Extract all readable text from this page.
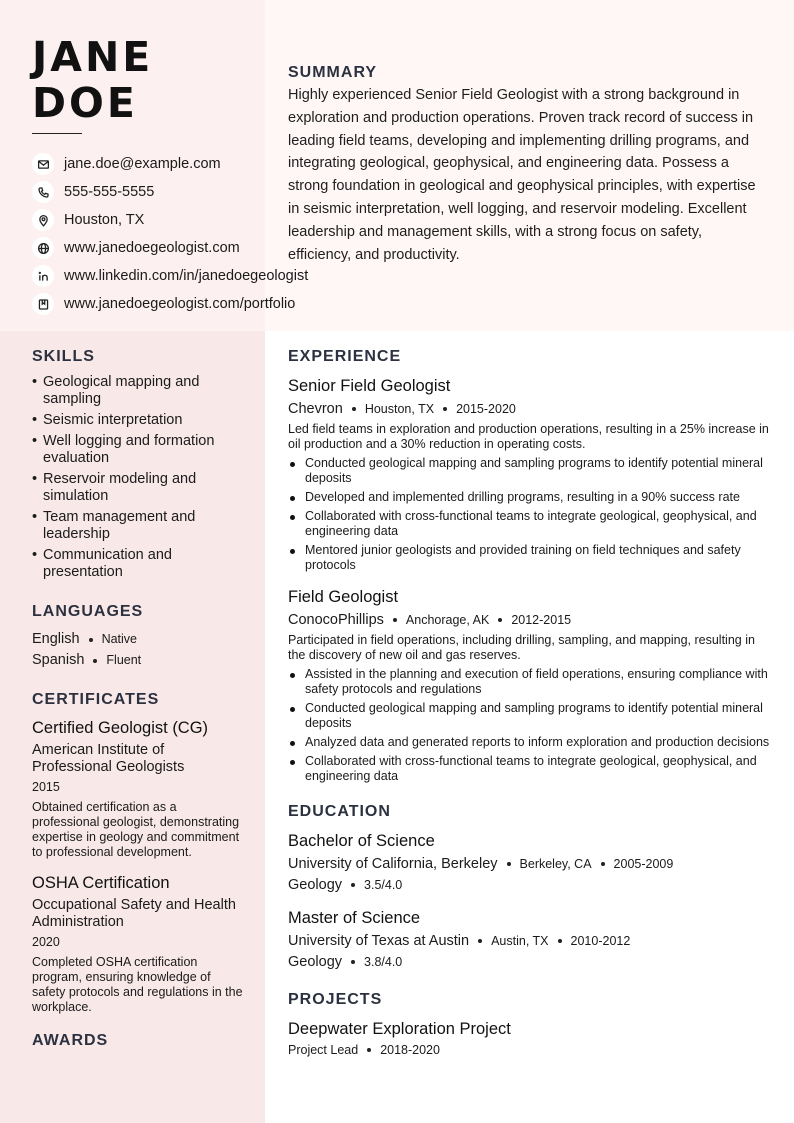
JANE
DOE
jane.doe@example.com
555-555-5555
Houston, TX
www.janedoegeologist.com
www.linkedin.com/in/janedoegeologist
www.janedoegeologist.com/portfolio
SUMMARY

Highly experienced Senior Field Geologist with a strong background in exploration and production operations. Proven track record of success in leading field teams, developing and implementing drilling programs, and integrating geological, geophysical, and engineering data. Possess a strong foundation in geological and geophysical principles, with expertise in seismic interpretation, well logging, and reservoir modeling. Excellent leadership and management skills, with a strong focus on safety, efficiency, and productivity.

SKILLS
• Geological mapping and sampling
• Seismic interpretation
• Well logging and formation evaluation
• Reservoir modeling and simulation
• Team management and leadership
• Communication and presentation
LANGUAGES
English Native
Spanish Fluent
CERTIFICATES
Certified Geologist (CG)
American Institute of Professional Geologists
2015
Obtained certification as a professional geologist, demonstrating expertise in geology and commitment to professional development.
OSHA Certification
Occupational Safety and Health Administration
2020
Completed OSHA certification program, ensuring knowledge of safety protocols and regulations in the workplace.
AWARDS
EXPERIENCE
Senior Field Geologist
Chevron Houston, TX 2015-2020

Led field teams in exploration and production operations, resulting in a 25% increase in oil production and a 30% reduction in operating costs.

Conducted geological mapping and sampling programs to identify potential mineral deposits
Developed and implemented drilling programs, resulting in a 90% success rate
Collaborated with cross-functional teams to integrate geological, geophysical, and engineering data
Mentored junior geologists and provided training on field techniques and safety protocols
Field Geologist
ConocoPhillips Anchorage, AK 2012-2015

Participated in field operations, including drilling, sampling, and mapping, resulting in the discovery of new oil and gas reserves.

Assisted in the planning and execution of field operations, ensuring compliance with safety protocols and regulations
Conducted geological mapping and sampling programs to identify potential mineral deposits
Analyzed data and generated reports to inform exploration and production decisions
Collaborated with cross-functional teams to integrate geological, geophysical, and engineering data
EDUCATION
Bachelor of Science
University of California, Berkeley Berkeley, CA 2005-2009
Geology 3.5/4.0
Master of Science
University of Texas at Austin Austin, TX 2010-2012
Geology 3.8/4.0
PROJECTS
Deepwater Exploration Project
Project Lead 2018-2020
